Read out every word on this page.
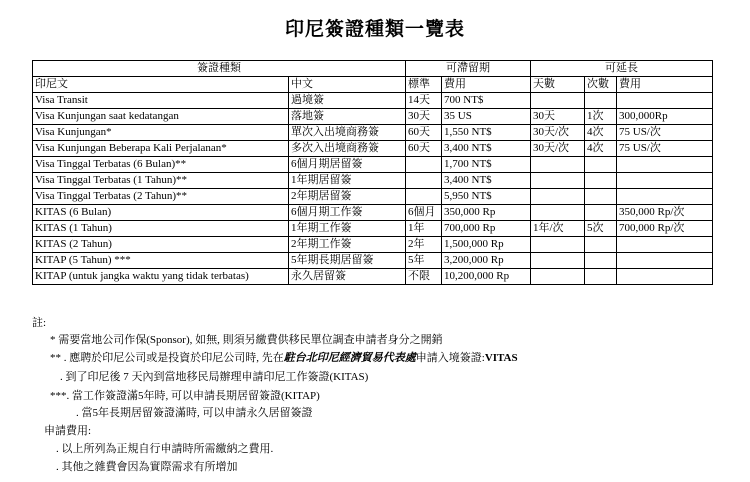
印尼簽證種類一覽表
簽證種類		可滯留期		可延長		
印尼文	中文	標準	費用	天數	次數	費用
Visa Transit	過境簽	14天	700 NT$			
Visa Kunjungan saat kedatangan	落地簽	30天	35 US	30天	1次	300,000Rp
Visa Kunjungan*	單次入出境商務簽	60天	1,550 NT$	30天/次	4次	75 US/次
Visa Kunjungan Beberapa Kali Perjalanan*	多次入出境商務簽	60天	3,400 NT$	30天/次	4次	75 US/次
Visa Tinggal Terbatas (6 Bulan)**	6個月期居留簽		1,700 NT$			
Visa Tinggal Terbatas (1 Tahun)**	1年期居留簽		3,400 NT$			
Visa Tinggal Terbatas (2 Tahun)**	2年期居留簽		5,950 NT$			
KITAS (6 Bulan)	6個月期工作簽	6個月	350,000 Rp			350,000 Rp/次
KITAS (1 Tahun)	1年期工作簽	1年	700,000 Rp	1年/次	5次	700,000 Rp/次
KITAS (2 Tahun)	2年期工作簽	2年	1,500,000 Rp			
KITAP (5 Tahun) ***	5年期長期居留簽	5年	3,200,000 Rp			
KITAP (untuk jangka waktu yang tidak terbatas)	永久居留簽	不限	10,200,000 Rp			
註:
* 需要當地公司作保(Sponsor), 如無, 則須另繳費供移民單位調查申請者身分之開銷
** . 應聘於印尼公司或是投資於印尼公司時, 先在駐台北印尼經濟貿易代表處申請入境簽證:VITAS
. 到了印尼後 7 天內到當地移民局辦理申請印尼工作簽證(KITAS)
***. 當工作簽證滿5年時, 可以申請長期居留簽證(KITAP)
. 當5年長期居留簽證滿時, 可以申請永久居留簽證
申請費用:
. 以上所列為正規自行申請時所需繳納之費用.
. 其他之雜費會因為實際需求有所增加
